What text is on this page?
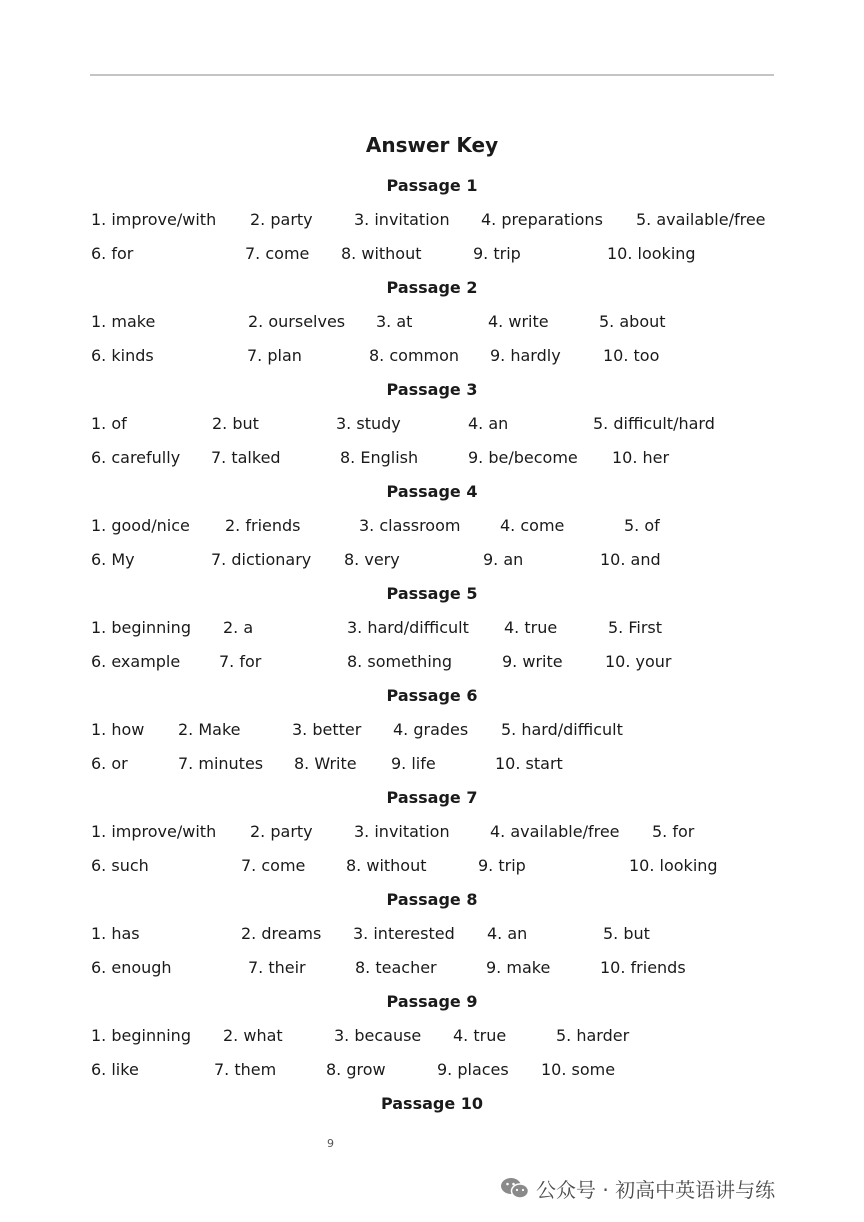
Answer Key
Passage 1
1. improve/with 2. party	3. invitation 4. preparations 5. available/free
6. for	7. come 8. without	9. trip	10. looking
Passage 2
1. make	2. ourselves 3. at	4. write	5. about
6. kinds	7. plan	8. common 9. hardly	10. too
Passage 3
1. of	2. but	3. study	4. an	5. difficult/hard
6. carefully 7. talked	8. English	9. be/become 10. her
Passage 4
1. good/nice 2. friends	3. classroom 4. come	5. of
6. My	7. dictionary 8. very	9. an	10. and
Passage 5
1. beginning 2. a	3. hard/difficult 4. true	5. First
6. example 7. for	8. something	9. write	10. your
Passage 6
1. how 2. Make	3. better 4. grades 5. hard/difficult
6. or	7. minutes 8. Write 9. life	10. start
Passage 7
1. improve/with 2. party	3. invitation	4. available/free 5. for
6. such	7. come	8. without	9. trip	10. looking
Passage 8
1. has	2. dreams 3. interested 4. an	5. but
6. enough	7. their	8. teacher	9. make	10. friends
Passage 9
1. beginning 2. what	3. because 4. true	5. harder
6. like	7. them	8. grow	9. places 10. some
Passage 10
9
公众号 · 初高中英语讲与练
